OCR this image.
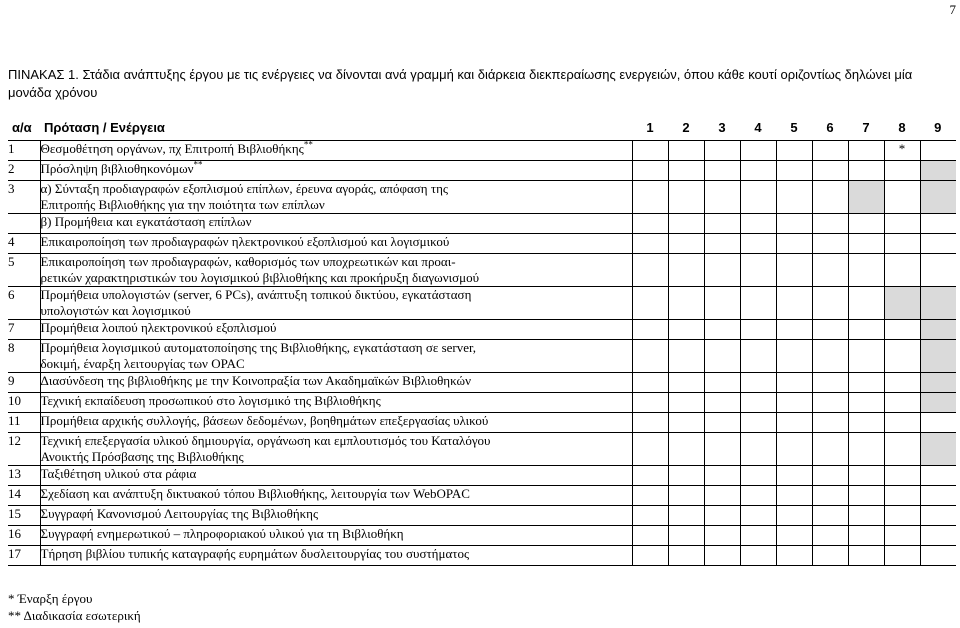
7
ΠΙΝΑΚΑΣ 1. Στάδια ανάπτυξης έργου με τις ενέργειες να δίνονται ανά γραμμή και διάρκεια διεκπεραίωσης ενεργειών, όπου κάθε κουτί οριζοντίως δηλώνει μία μονάδα χρόνου
α/α	Πρόταση / Ενέργεια	1	2	3	4	5	6	7	8	9
1	Θεσμοθέτηση οργάνων, πχ Επιτροπή Βιβλιοθήκης**								*	
2	Πρόσληψη βιβλιοθηκονόμων**

3	α) Σύνταξη προδιαγραφών εξοπλισμού επίπλων, έρευνα αγοράς, απόφαση της
Επιτροπής Βιβλιοθήκης για την ποιότητα των επίπλων									

	β) Προμήθεια και εγκατάσταση επίπλων									

4	Επικαιροποίηση των προδιαγραφών ηλεκτρονικού εξοπλισμού και λογισμικού									

5	Επικαιροποίηση των προδιαγραφών, καθορισμός των υποχρεωτικών και προαι-
ρετικών χαρακτηριστικών του λογισμικού βιβλιοθήκης και προκήρυξη διαγωνισμού									

6	Προμήθεια υπολογιστών (server, 6 PCs), ανάπτυξη τοπικού δικτύου, εγκατάσταση
υπολογιστών και λογισμικού									

7	Προμήθεια λοιπού ηλεκτρονικού εξοπλισμού									

8	Προμήθεια λογισμικού αυτοματοποίησης της Βιβλιοθήκης, εγκατάσταση σε server,
δοκιμή, έναρξη λειτουργίας των OPAC									

9	Διασύνδεση της βιβλιοθήκης με την Κοινοπραξία των Ακαδημαϊκών Βιβλιοθηκών									

10	Τεχνική εκπαίδευση προσωπικού στο λογισμικό της Βιβλιοθήκης									

11	Προμήθεια αρχικής συλλογής, βάσεων δεδομένων, βοηθημάτων επεξεργασίας υλικού									

12	Τεχνική επεξεργασία υλικού δημιουργία, οργάνωση και εμπλουτισμός του Καταλόγου
Ανοικτής Πρόσβασης της Βιβλιοθήκης									

13	Ταξιθέτηση υλικού στα ράφια									

14	Σχεδίαση και ανάπτυξη δικτυακού τόπου Βιβλιοθήκης, λειτουργία των WebOPAC									

15	Συγγραφή Κανονισμού Λειτουργίας της Βιβλιοθήκης									

16	Συγγραφή ενημερωτικού – πληροφοριακού υλικού για τη Βιβλιοθήκη									

17	Τήρηση βιβλίου τυπικής καταγραφής ευρημάτων δυσλειτουργίας του συστήματος									

* Έναρξη έργου
** Διαδικασία εσωτερική
